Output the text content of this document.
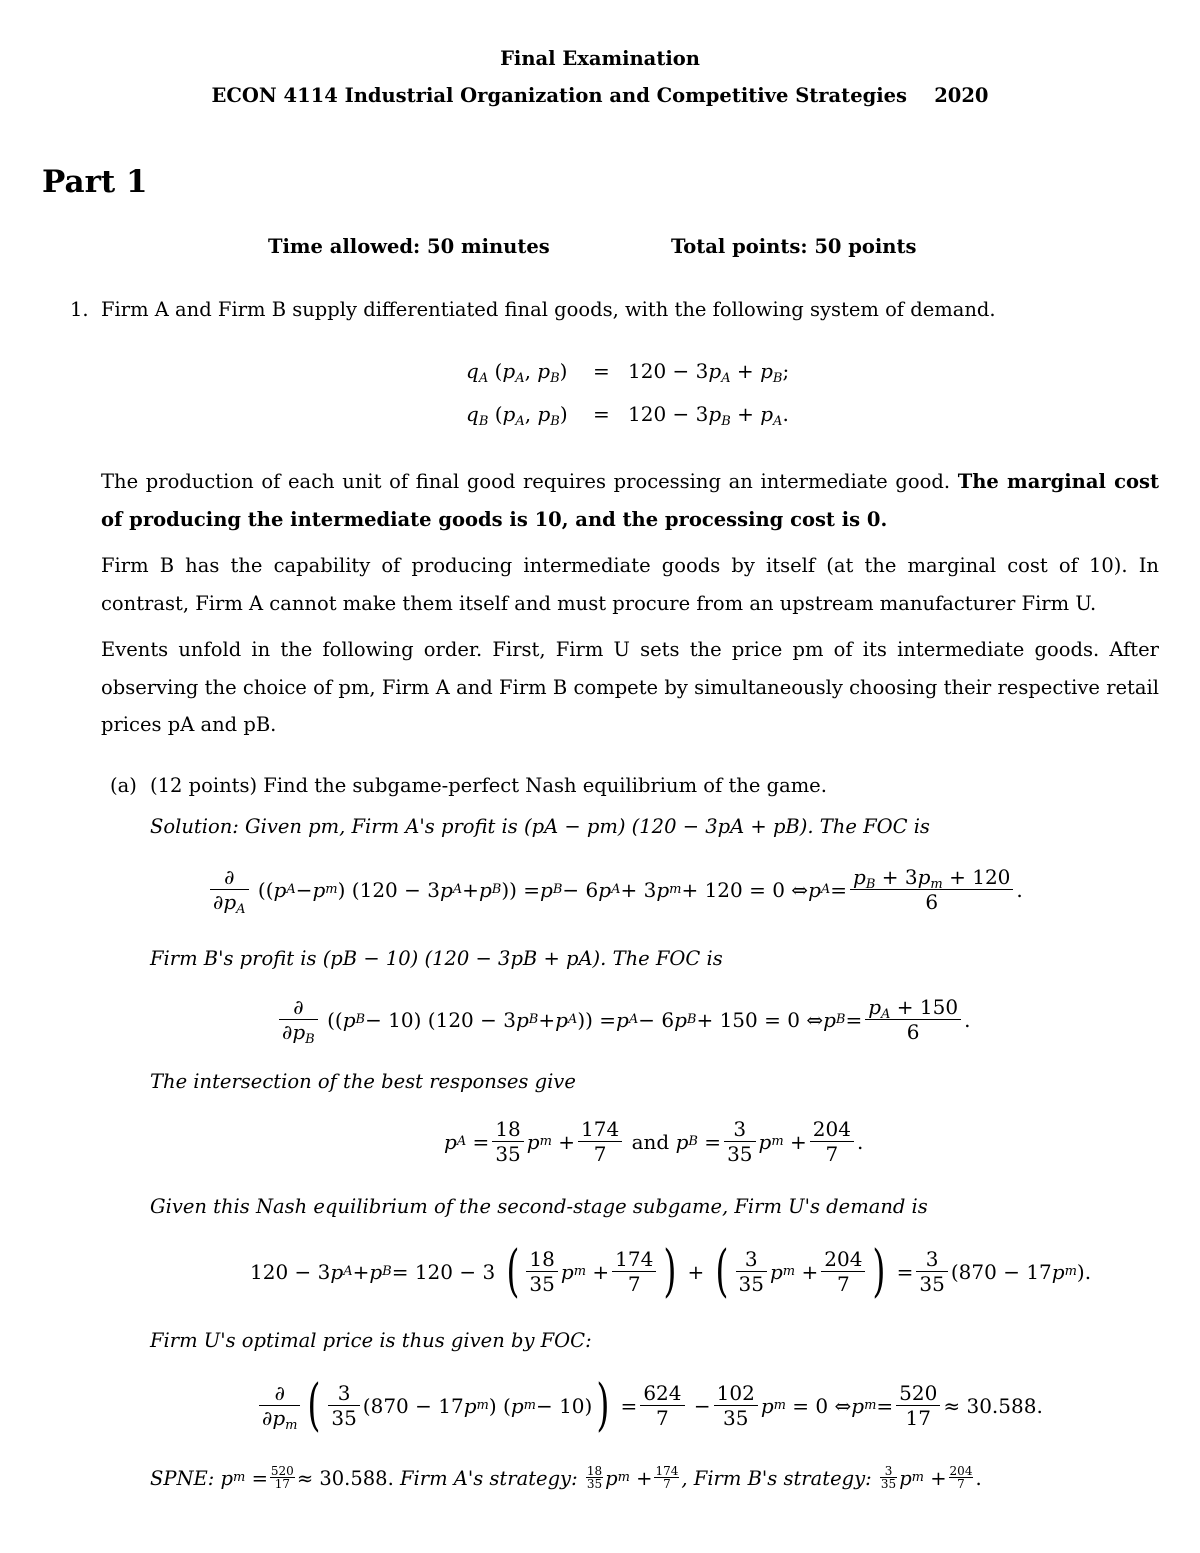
Final Examination
ECON 4114 Industrial Organization and Competitive Strategies 2020
Part 1
Time allowed: 50 minutes	Total points: 50 points
1. Firm A and Firm B supply differentiated final goods, with the following system of demand.
$q_A$ ($p_A$, $p_B) = 120 - 3p_A + p_B$;
$q_B$ ($p_A$, $p_B) = 120 - 3p_B + p_A$.
The production of each unit of final good requires processing an intermediate good. The marginal cost of producing the intermediate goods is 10, and the processing cost is 0.
Firm B has the capability of producing intermediate goods by itself (at the marginal cost of 10). In contrast, Firm A cannot make them itself and must procure from an upstream manufacturer Firm U.
Events unfold in the following order. First, Firm U sets the price pm of its intermediate goods. After observing the choice of pm, Firm A and Firm B compete by simultaneously choosing their respective retail prices pA and pB.
(a) (12 points) Find the subgame-perfect Nash equilibrium of the game.
Solution: Given pm, Firm A's profit is (pA − pm) (120 − 3pA + pB). The FOC is
$\frac{\partial}{\partial p_A}$ (( p A − p m ) (120 − 3 p A + p B )) = p B − 6 p A + 3 p m + 120 = 0 ⇔ p $A = \frac{p_B + 3p_m + 120}{6}$ .
Firm B's profit is (pB − 10) (120 − 3pB + pA). The FOC is
$\frac{\partial}{\partial p_B}$ (( p B − 10) (120 − 3 p B + p A )) = p A − 6 p B + 150 = 0 ⇔ p $B = \frac{p_A + 150}{6}$ .
The intersection of the best responses give
p $A = \frac{18}{35}$ p $m + \frac{174}{7}$ and p $B = \frac{3}{35}$ p $m + \frac{204}{7}$ .
Given this Nash equilibrium of the second-stage subgame, Firm U's demand is
120 − 3 p A + p B = 120 − 3 ( $\frac{18}{35}$ p $m + \frac{174}{7}$ ) + ( $\frac{3}{35}$ p $m + \frac{204}{7}$ ) = $\frac{3}{35} (870 - 17$ p m ).
Firm U's optimal price is thus given by FOC:
$\frac{\partial}{\partial p_m}$ ( $\frac{3}{35} (870 - 17$ p m ) ( p m − 10) ) = $\frac{624}{7} - \frac{102}{35}$ p m = 0 ⇔ p $m = \frac{520}{17} \approx 30.588$.
SPNE: p m
= $\frac{520}{17} \approx 30.588$. Firm A's strategy: 18
35 p m
+ $\frac{174}{7}$ , Firm B's strategy: 3
35 p m
+ $\frac{204}{7}$ .
